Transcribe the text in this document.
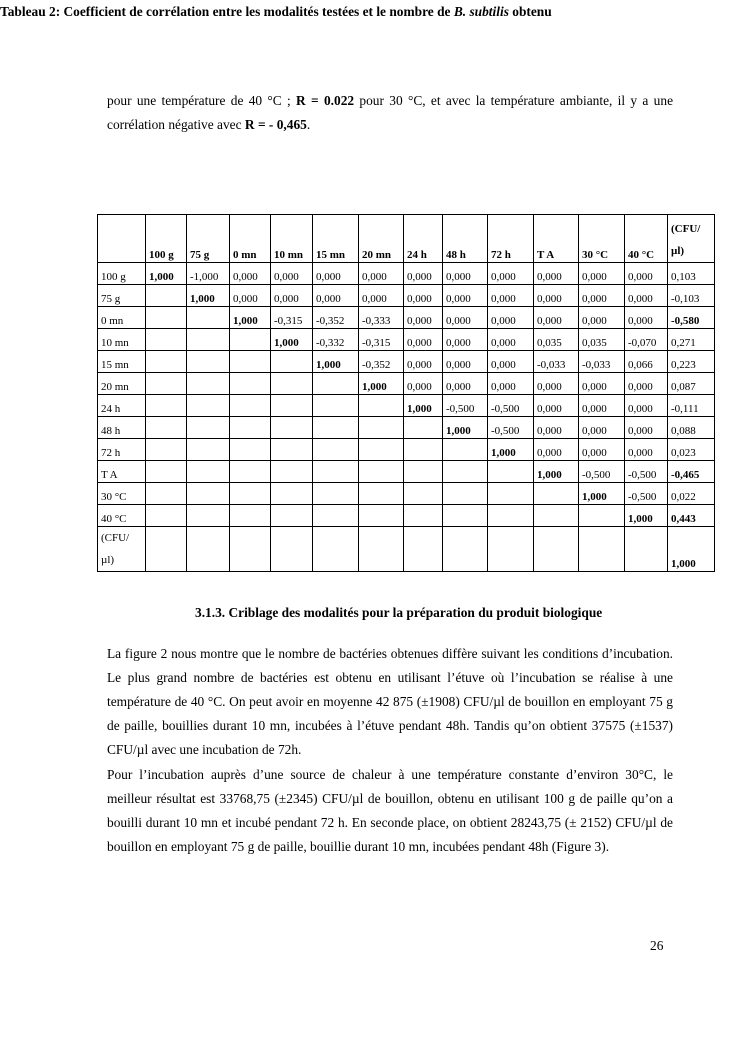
pour une température de 40 °C ; R = 0.022 pour 30 °C, et avec la température ambiante, il y a une corrélation négative avec R = - 0,465.
Tableau 2: Coefficient de corrélation entre les modalités testées et le nombre de B. subtilis obtenu
	100 g	75 g	0 mn	10 mn	15 mn	20 mn	24 h	48 h	72 h	T A	30 °C	40 °C	(CFU/
µl)

100 g	1,000	-1,000	0,000	0,000	0,000	0,000	0,000	0,000	0,000	0,000	0,000	0,000	0,103
75 g		1,000	0,000	0,000	0,000	0,000	0,000	0,000	0,000	0,000	0,000	0,000	-0,103
0 mn			1,000	-0,315	-0,352	-0,333	0,000	0,000	0,000	0,000	0,000	0,000	-0,580
10 mn				1,000	-0,332	-0,315	0,000	0,000	0,000	0,035	0,035	-0,070	0,271
15 mn					1,000	-0,352	0,000	0,000	0,000	-0,033	-0,033	0,066	0,223
20 mn						1,000	0,000	0,000	0,000	0,000	0,000	0,000	0,087
24 h							1,000	-0,500	-0,500	0,000	0,000	0,000	-0,111
48 h								1,000	-0,500	0,000	0,000	0,000	0,088
72 h									1,000	0,000	0,000	0,000	0,023
T A										1,000	-0,500	-0,500	-0,465
30 °C											1,000	-0,500	0,022
40 °C												1,000	0,443

(CFU/
µl)													1,000
3.1.3. Criblage des modalités pour la préparation du produit biologique
La figure 2 nous montre que le nombre de bactéries obtenues diffère suivant les conditions d’incubation. Le plus grand nombre de bactéries est obtenu en utilisant l’étuve où l’incubation se réalise à une température de 40 °C. On peut avoir en moyenne 42 875 (±1908) CFU/µl de bouillon en employant 75 g de paille, bouillies durant 10 mn, incubées à l’étuve pendant 48h. Tandis qu’on obtient 37575 (±1537) CFU/µl avec une incubation de 72h.
Pour l’incubation auprès d’une source de chaleur à une température constante d’environ 30°C, le meilleur résultat est 33768,75 (±2345) CFU/µl de bouillon, obtenu en utilisant 100 g de paille qu’on a bouilli durant 10 mn et incubé pendant 72 h. En seconde place, on obtient 28243,75 (± 2152) CFU/µl de bouillon en employant 75 g de paille, bouillie durant 10 mn, incubées pendant 48h (Figure 3).
26
